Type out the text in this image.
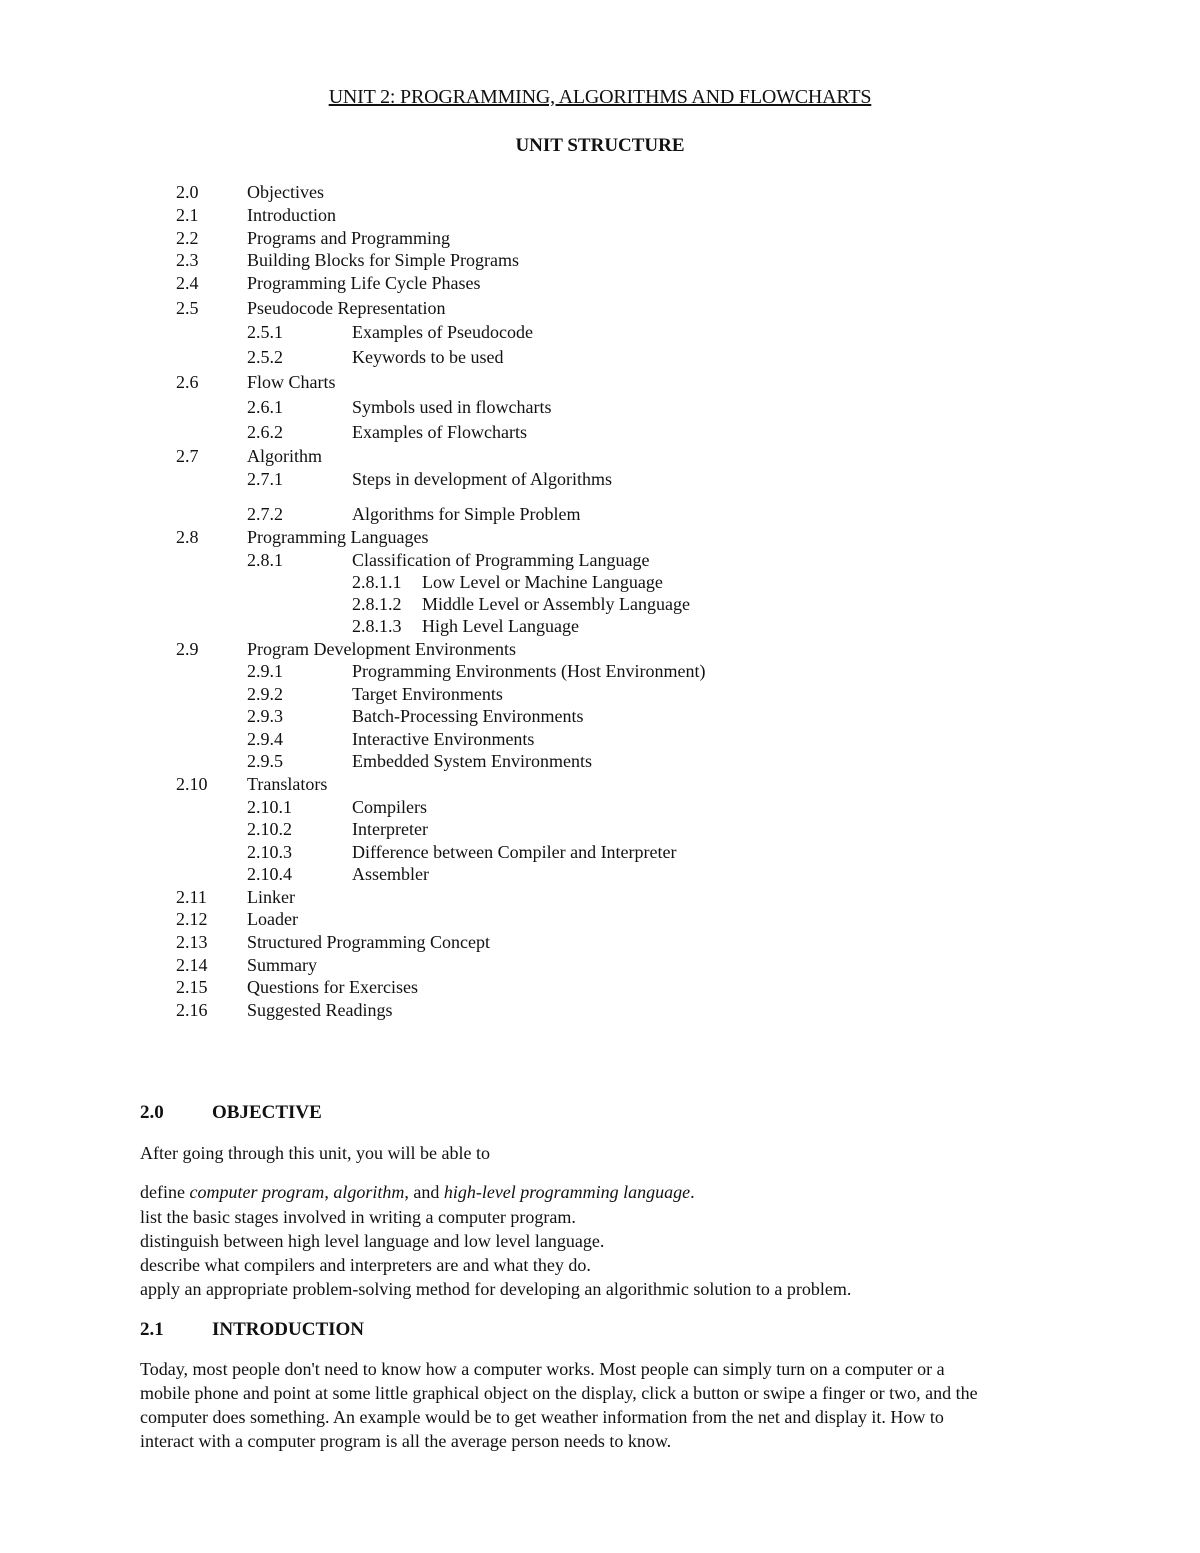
UNIT 2: PROGRAMMING, ALGORITHMS AND FLOWCHARTS
UNIT STRUCTURE
2.0	Objectives
2.1	Introduction
2.2	Programs and Programming
2.3	Building Blocks for Simple Programs
2.4	Programming Life Cycle Phases
2.5	Pseudocode Representation
2.5.1	Examples of Pseudocode
2.5.2	Keywords to be used
2.6	Flow Charts
2.6.1	Symbols used in flowcharts
2.6.2	Examples of Flowcharts
2.7	Algorithm
2.7.1	Steps in development of Algorithms
2.7.2	Algorithms for Simple Problem
2.8	Programming Languages
2.8.1	Classification of Programming Language
2.8.1.1 Low Level or Machine Language
2.8.1.2 Middle Level or Assembly Language
2.8.1.3 High Level Language
2.9	Program Development Environments
2.9.1	Programming Environments (Host Environment)
2.9.2	Target Environments
2.9.3	Batch-Processing Environments
2.9.4	Interactive Environments
2.9.5	Embedded System Environments
2.10 Translators
2.10.1	Compilers
2.10.2	Interpreter
2.10.3	Difference between Compiler and Interpreter
2.10.4	Assembler
2.11 Linker
2.12 Loader
2.13 Structured Programming Concept
2.14 Summary
2.15 Questions for Exercises
2.16 Suggested Readings
2.0	OBJECTIVE
After going through this unit, you will be able to
define computer program, algorithm, and high-level programming language.
list the basic stages involved in writing a computer program.
distinguish between high level language and low level language.
describe what compilers and interpreters are and what they do.
apply an appropriate problem-solving method for developing an algorithmic solution to a problem.
2.1	INTRODUCTION
Today, most people don't need to know how a computer works. Most people can simply turn on a computer or a
mobile phone and point at some little graphical object on the display, click a button or swipe a finger or two, and the
computer does something. An example would be to get weather information from the net and display it. How to
interact with a computer program is all the average person needs to know.
